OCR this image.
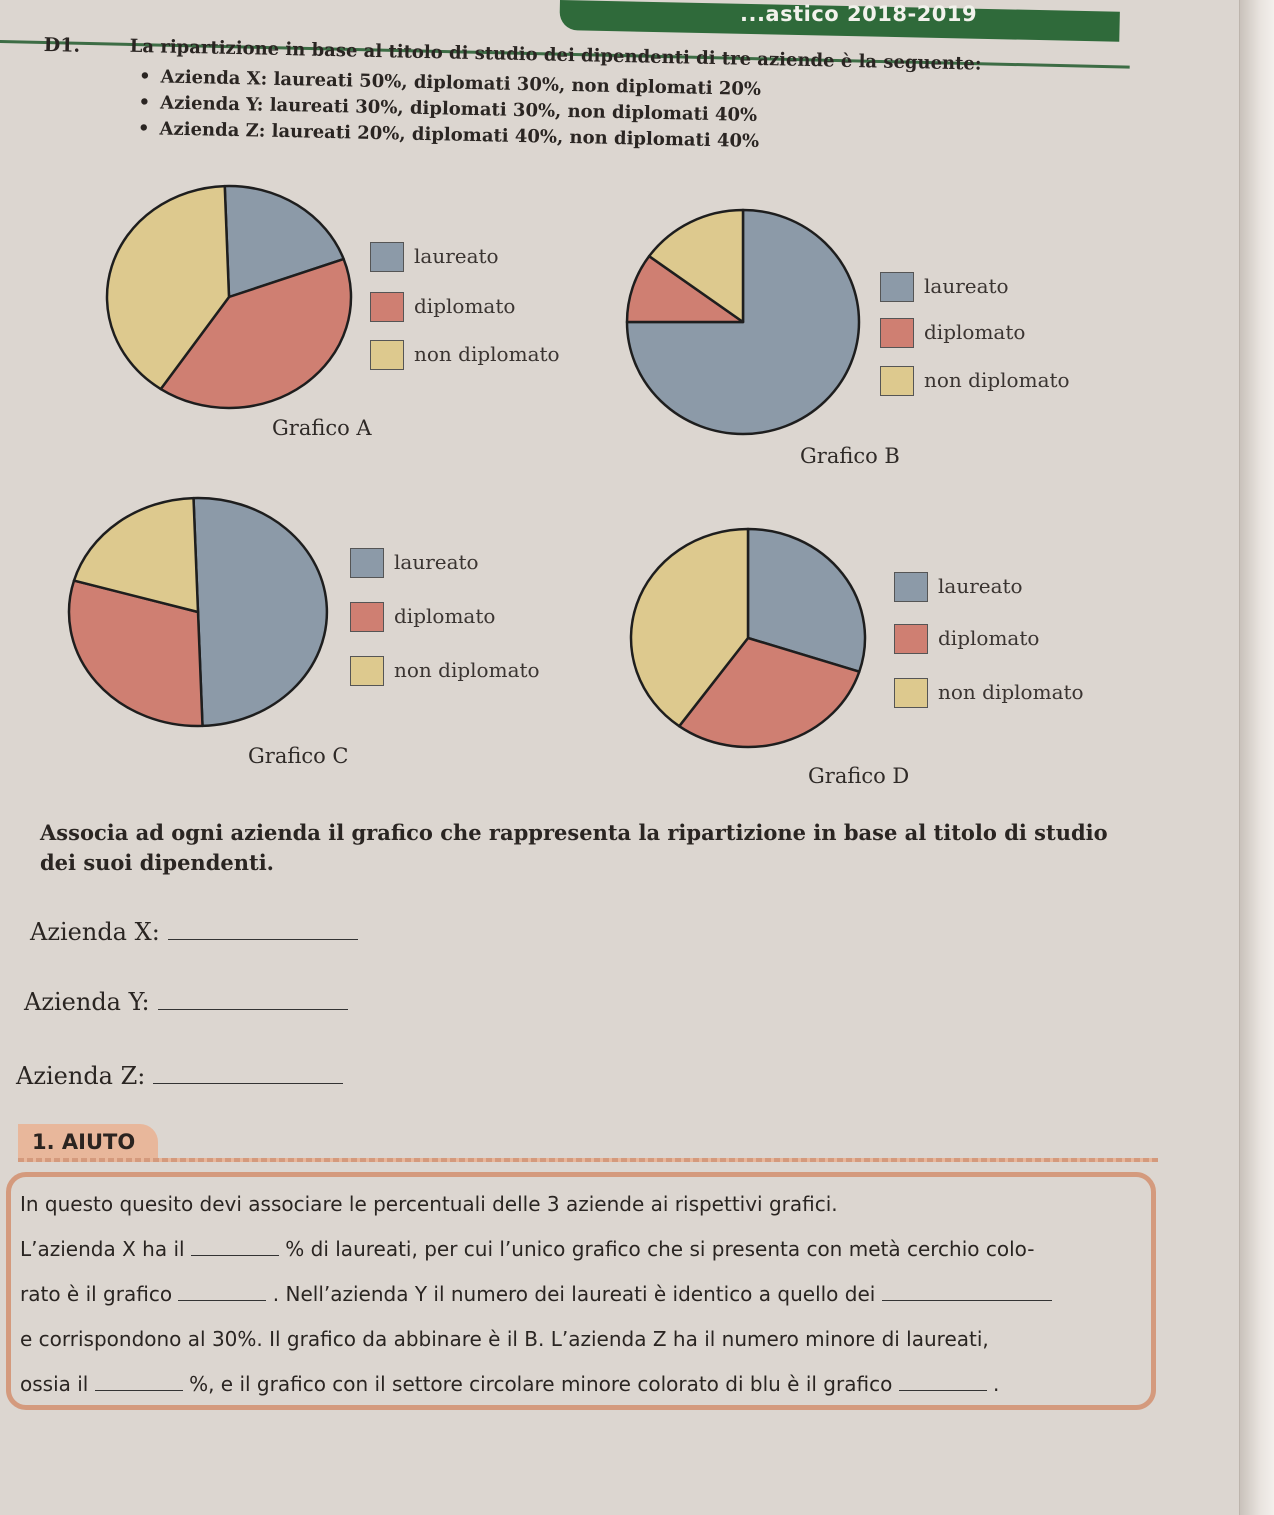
...astico 2018-2019
D1.	La ripartizione in base al titolo di studio dei dipendenti di tre aziende è la seguente:
• Azienda X: laureati 50%, diplomati 30%, non diplomati 20%
• Azienda Y: laureati 30%, diplomati 30%, non diplomati 40%
• Azienda Z: laureati 20%, diplomati 40%, non diplomati 40%
laureato
diplomato
non diplomato
Grafico A
laureato
diplomato
non diplomato
Grafico B
laureato
diplomato
non diplomato
Grafico C
laureato
diplomato
non diplomato
Grafico D
Associa ad ogni azienda il grafico che rappresenta la ripartizione in base al titolo di studio dei suoi dipendenti.
Azienda X:
Azienda Y:
Azienda Z:
1. AIUTO
In questo quesito devi associare le percentuali delle 3 aziende ai rispettivi grafici.
L’azienda X ha il	% di laureati, per cui l’unico grafico che si presenta con metà cerchio colo-
rato è il grafico	. Nell’azienda Y il numero dei laureati è identico a quello dei
e corrispondono al 30%. Il grafico da abbinare è il B. L’azienda Z ha il numero minore di laureati,
ossia il	%, e il grafico con il settore circolare minore colorato di blu è il grafico	.
